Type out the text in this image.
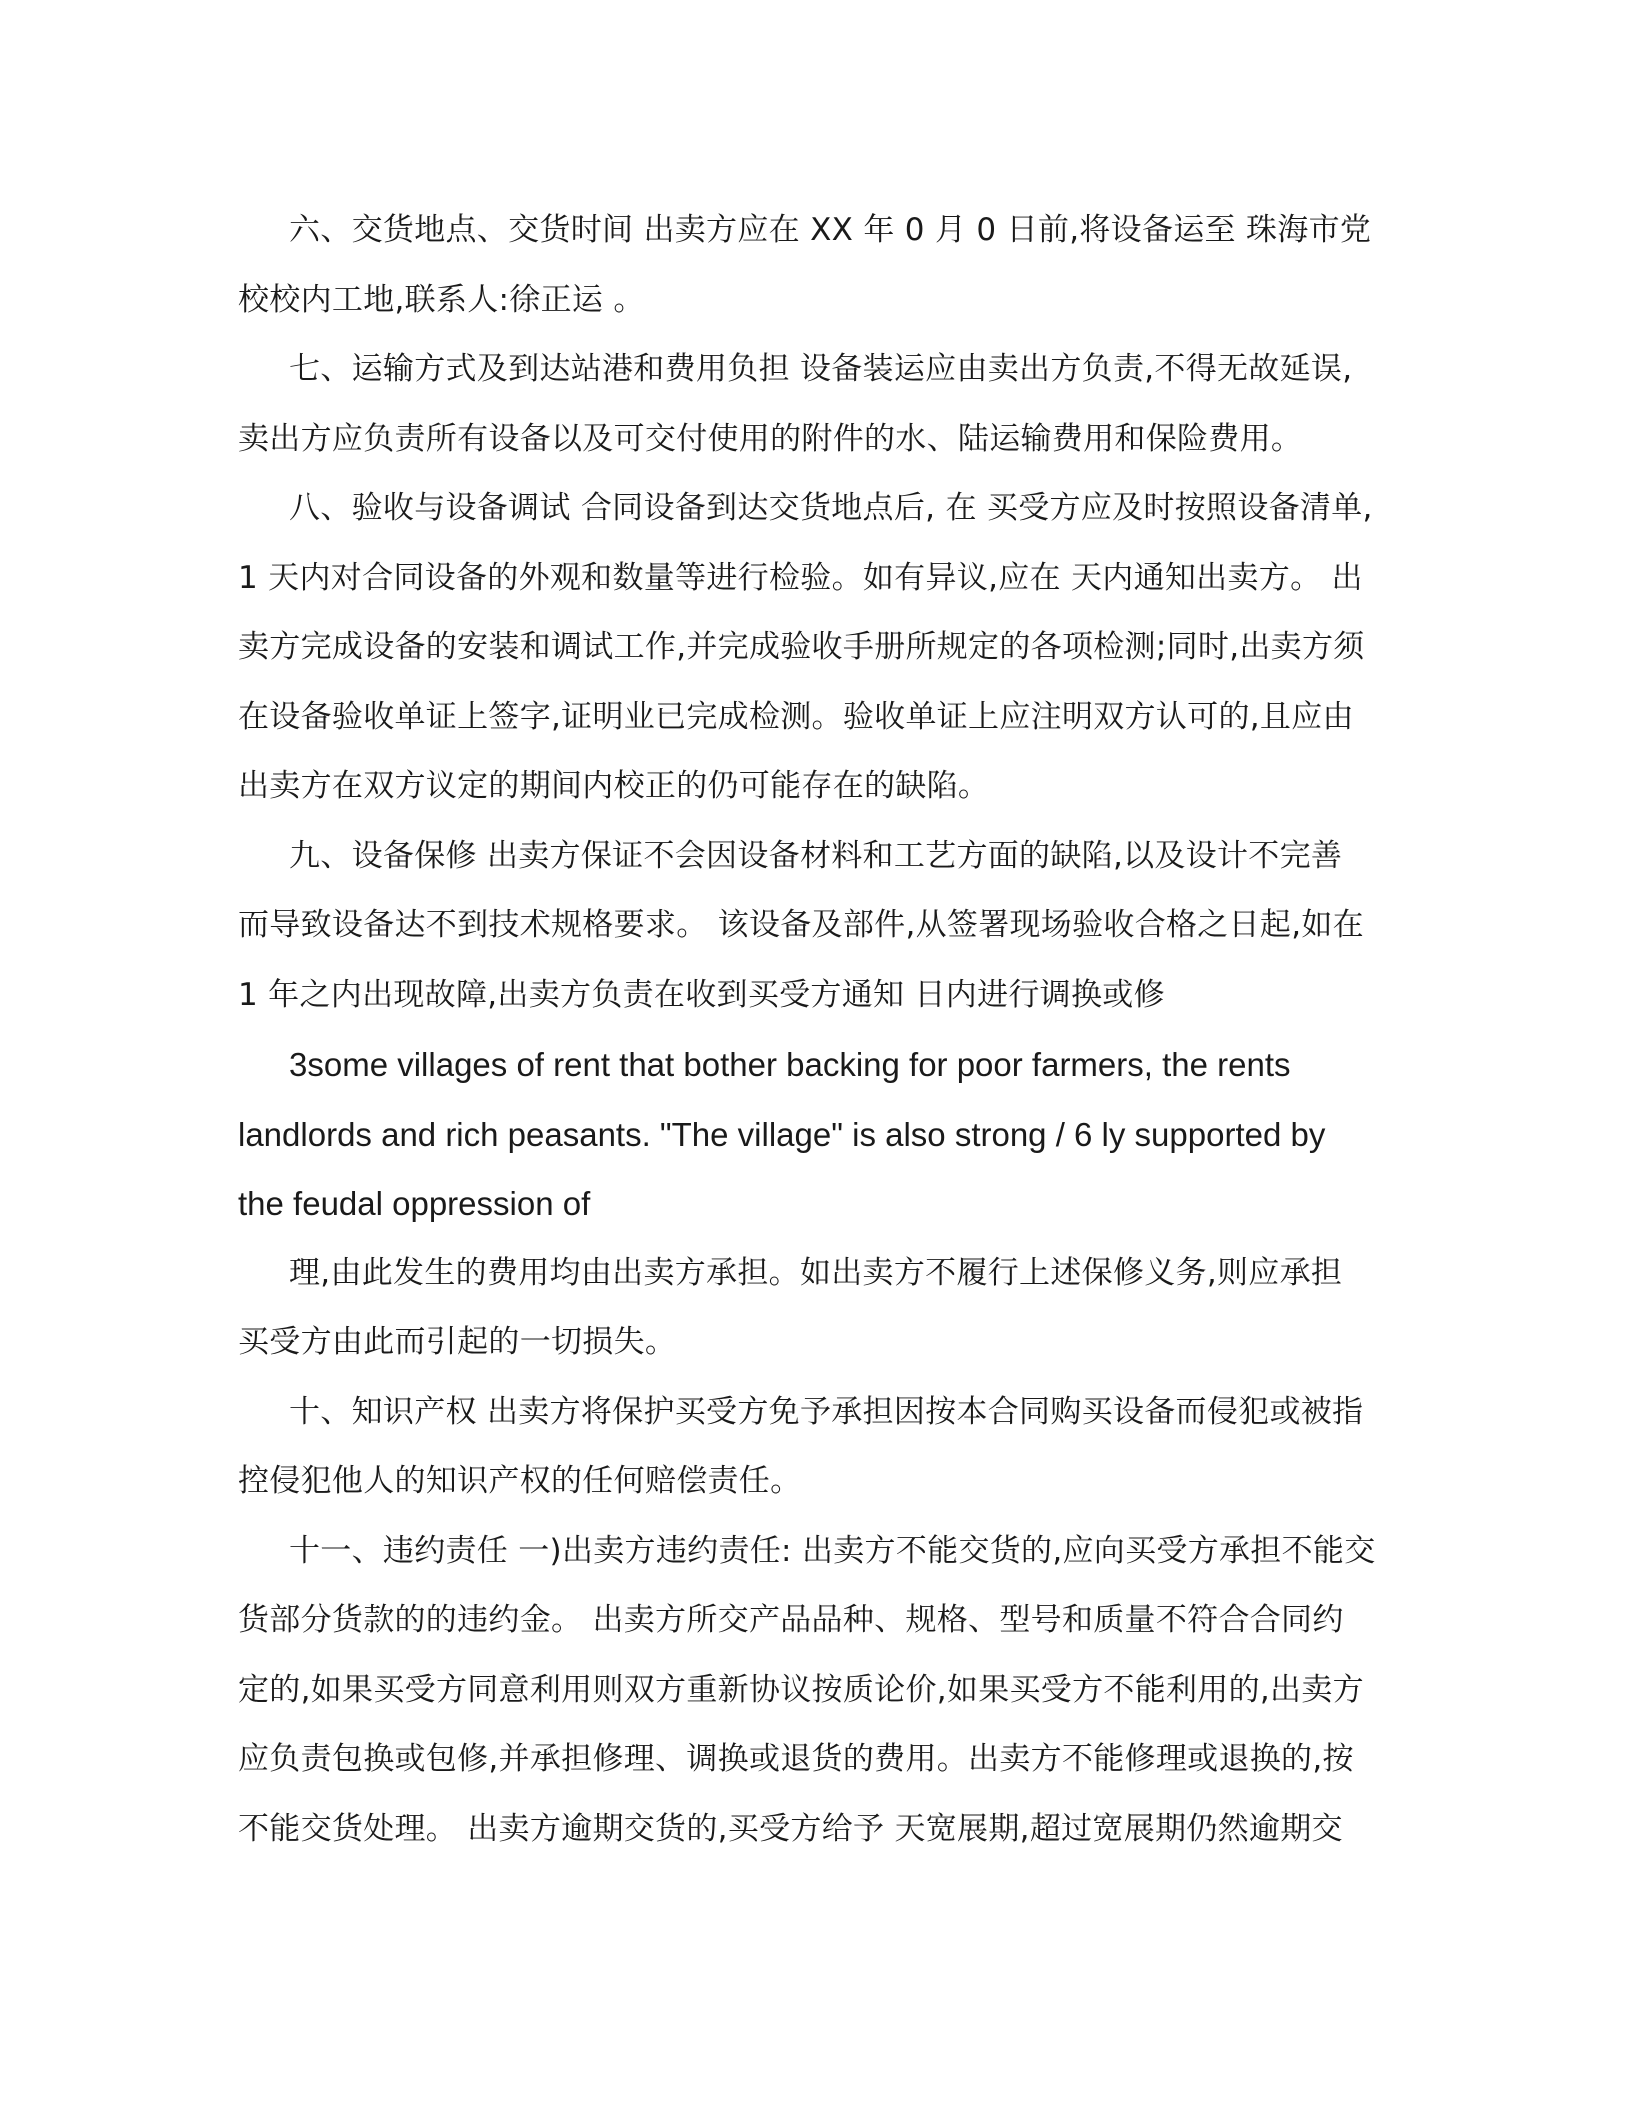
六、交货地点、交货时间 出卖方应在 XX 年 0 月 0 日前,将设备运至 珠海市党
校校内工地,联系人:徐正运 。
七、运输方式及到达站港和费用负担 设备装运应由卖出方负责,不得无故延误,
卖出方应负责所有设备以及可交付使用的附件的水、陆运输费用和保险费用。
八、验收与设备调试 合同设备到达交货地点后, 在 买受方应及时按照设备清单,
1 天内对合同设备的外观和数量等进行检验。如有异议,应在 天内通知出卖方。 出
卖方完成设备的安装和调试工作,并完成验收手册所规定的各项检测;同时,出卖方须
在设备验收单证上签字,证明业已完成检测。验收单证上应注明双方认可的,且应由
出卖方在双方议定的期间内校正的仍可能存在的缺陷。
九、设备保修 出卖方保证不会因设备材料和工艺方面的缺陷,以及设计不完善
而导致设备达不到技术规格要求。 该设备及部件,从签署现场验收合格之日起,如在
1 年之内出现故障,出卖方负责在收到买受方通知 日内进行调换或修
3some villages of rent that bother backing for poor farmers, the rents
landlords and rich peasants. "The village" is also strong / 6 ly supported by
the feudal oppression of
理,由此发生的费用均由出卖方承担。如出卖方不履行上述保修义务,则应承担
买受方由此而引起的一切损失。
十、知识产权 出卖方将保护买受方免予承担因按本合同购买设备而侵犯或被指
控侵犯他人的知识产权的任何赔偿责任。
十一、违约责任 一)出卖方违约责任: 出卖方不能交货的,应向买受方承担不能交
货部分货款的的违约金。 出卖方所交产品品种、规格、型号和质量不符合合同约
定的,如果买受方同意利用则双方重新协议按质论价,如果买受方不能利用的,出卖方
应负责包换或包修,并承担修理、调换或退货的费用。出卖方不能修理或退换的,按
不能交货处理。 出卖方逾期交货的,买受方给予 天宽展期,超过宽展期仍然逾期交
